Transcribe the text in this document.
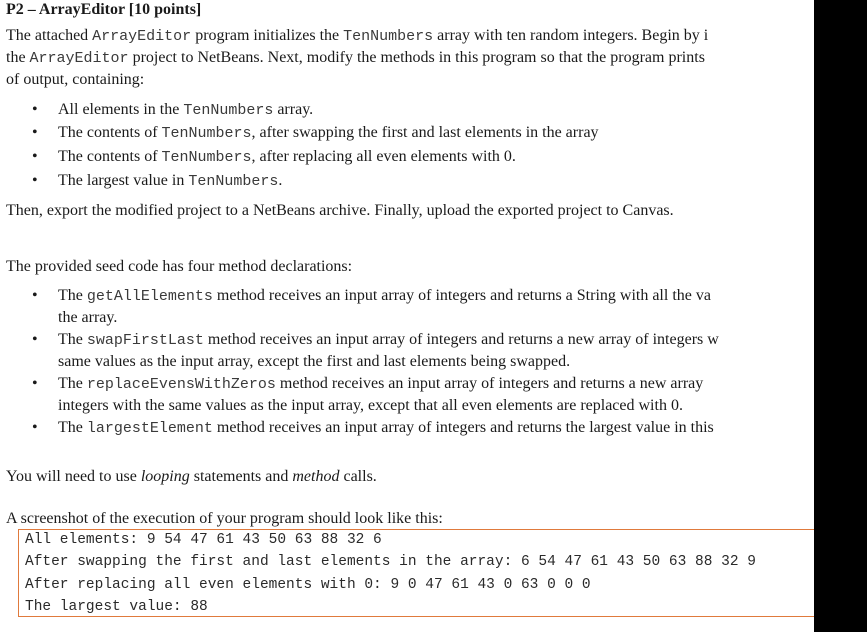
P2 – ArrayEditor [10 points]
The attached ArrayEditor program initializes the TenNumbers array with ten random integers. Begin by i
the ArrayEditor project to NetBeans. Next, modify the methods in this program so that the program prints
of output, containing:
• All elements in the TenNumbers array.
• The contents of TenNumbers, after swapping the first and last elements in the array
• The contents of TenNumbers, after replacing all even elements with 0.
• The largest value in TenNumbers.
Then, export the modified project to a NetBeans archive. Finally, upload the exported project to Canvas.
The provided seed code has four method declarations:
• The getAllElements method receives an input array of integers and returns a String with all the va
the array.
• The swapFirstLast method receives an input array of integers and returns a new array of integers w
same values as the input array, except the first and last elements being swapped.
• The replaceEvensWithZeros method receives an input array of integers and returns a new array
integers with the same values as the input array, except that all even elements are replaced with 0.
• The largestElement method receives an input array of integers and returns the largest value in this
You will need to use looping statements and method calls.
A screenshot of the execution of your program should look like this:
All elements: 9 54 47 61 43 50 63 88 32 6
After swapping the first and last elements in the array: 6 54 47 61 43 50 63 88 32 9
After replacing all even elements with 0: 9 0 47 61 43 0 63 0 0 0
The largest value: 88
